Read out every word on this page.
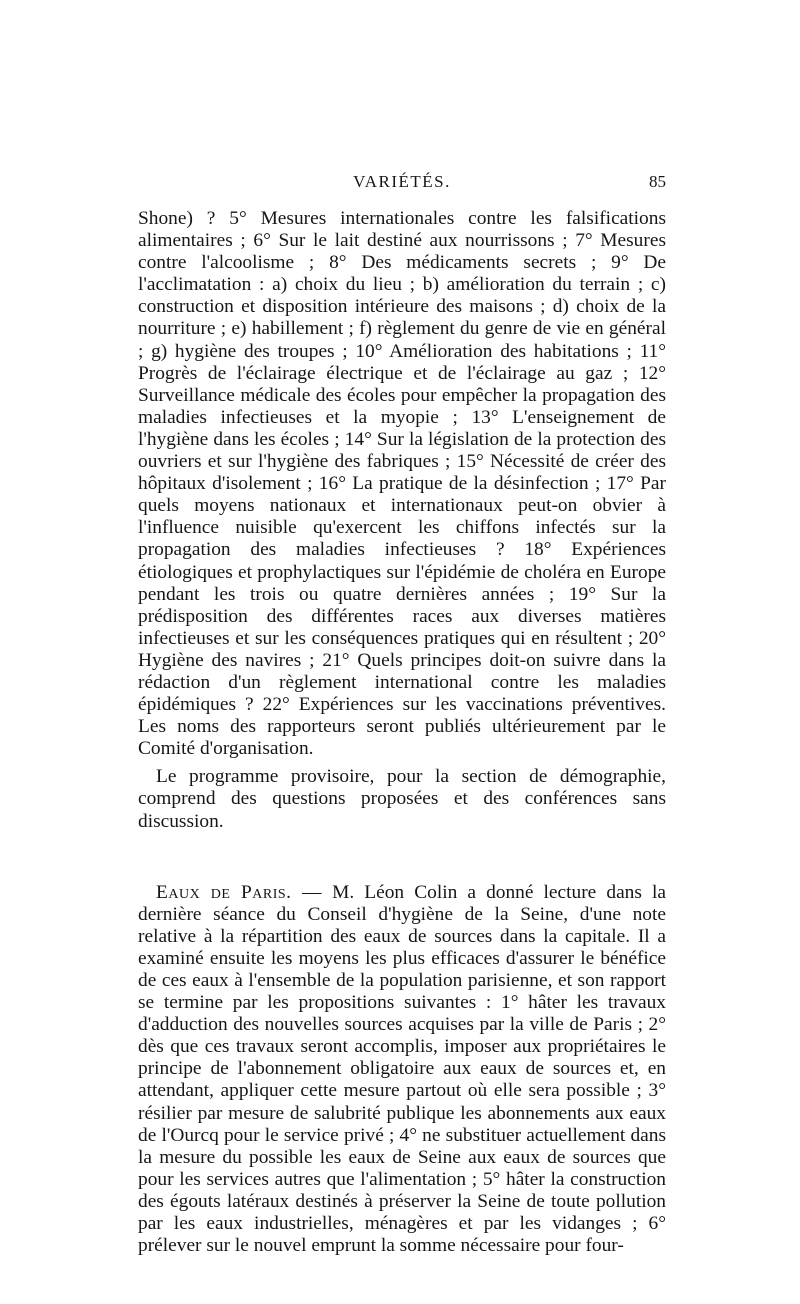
VARIÉTÉS.	85

Shone) ? 5° Mesures internationales contre les falsifications alimentaires ; 6° Sur le lait destiné aux nourrissons ; 7° Mesures contre l'alcoolisme ; 8° Des médicaments secrets ; 9° De l'acclimatation : a) choix du lieu ; b) amélioration du terrain ; c) construction et disposition intérieure des maisons ; d) choix de la nourriture ; e) habillement ; f) règlement du genre de vie en général ; g) hygiène des troupes ; 10° Amélioration des habitations ; 11° Progrès de l'éclairage électrique et de l'éclairage au gaz ; 12° Surveillance médicale des écoles pour empêcher la propagation des maladies infectieuses et la myopie ; 13° L'enseignement de l'hygiène dans les écoles ; 14° Sur la législation de la protection des ouvriers et sur l'hygiène des fabriques ; 15° Nécessité de créer des hôpitaux d'isolement ; 16° La pratique de la désinfection ; 17° Par quels moyens nationaux et internationaux peut-on obvier à l'influence nuisible qu'exercent les chiffons infectés sur la propagation des maladies infectieuses ? 18° Expériences étiologiques et prophylactiques sur l'épidémie de choléra en Europe pendant les trois ou quatre dernières années ; 19° Sur la prédisposition des différentes races aux diverses matières infectieuses et sur les conséquences pratiques qui en résultent ; 20° Hygiène des navires ; 21° Quels principes doit-on suivre dans la rédaction d'un règlement international contre les maladies épidémiques ? 22° Expériences sur les vaccinations préventives. Les noms des rapporteurs seront publiés ultérieurement par le Comité d'organisation.

Le programme provisoire, pour la section de démographie, comprend des questions proposées et des conférences sans discussion.

Eaux de Paris. — M. Léon Colin a donné lecture dans la dernière séance du Conseil d'hygiène de la Seine, d'une note relative à la répartition des eaux de sources dans la capitale. Il a examiné ensuite les moyens les plus efficaces d'assurer le bénéfice de ces eaux à l'ensemble de la population parisienne, et son rapport se termine par les propositions suivantes : 1° hâter les travaux d'adduction des nouvelles sources acquises par la ville de Paris ; 2° dès que ces travaux seront accomplis, imposer aux propriétaires le principe de l'abonnement obligatoire aux eaux de sources et, en attendant, appliquer cette mesure partout où elle sera possible ; 3° résilier par mesure de salubrité publique les abonnements aux eaux de l'Ourcq pour le service privé ; 4° ne substituer actuellement dans la mesure du possible les eaux de Seine aux eaux de sources que pour les services autres que l'alimentation ; 5° hâter la construction des égouts latéraux destinés à préserver la Seine de toute pollution par les eaux industrielles, ménagères et par les vidanges ; 6° prélever sur le nouvel emprunt la somme nécessaire pour four-
